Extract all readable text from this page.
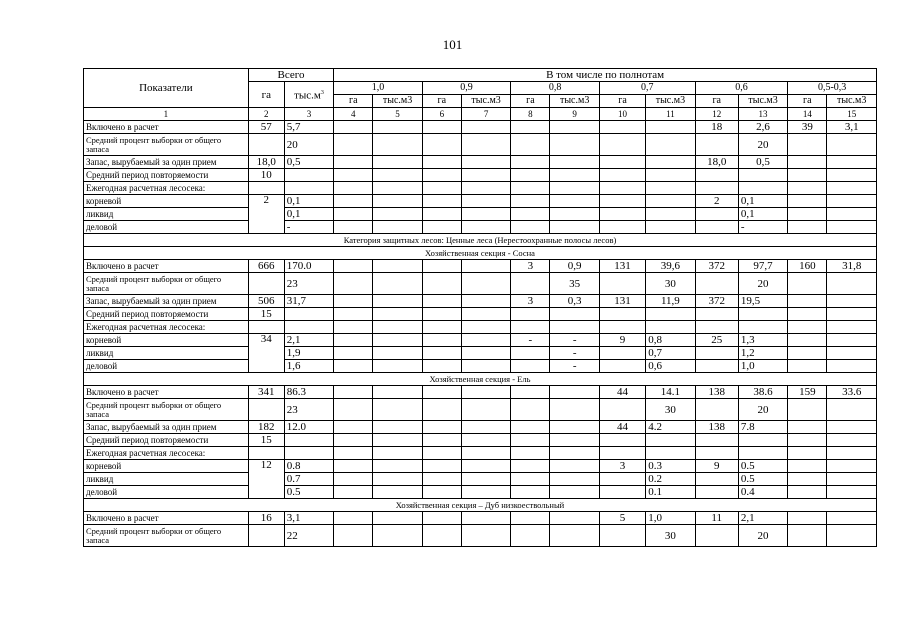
101
Показатели	Всего		В том числе по полнотам											
	га	$тыс.м^3$	1,0		0,9		0,8		0,7		0,6		0,5-0,3	
			га	тыс.м3	га	тыс.м3	га	тыс.м3	га	тыс.м3	га	тыс.м3	га	тыс.м3
1	2	3	4	5	6	7	8	9	10	11	12	13	14	15
Включено в расчет	57	5,7									18	2,6	39	3,1
Средний процент выборки от общего запаса		20										20		
Запас, вырубаемый за один прием	18,0	0,5									18,0	0,5		
Средний период повторяемости	10													
Ежегодная расчетная лесосека:														
корневой	2	0,1									2	0,1		
ликвид		0,1										0,1		
деловой		-										-		
Категория защитных лесов: Ценные леса (Нерестоохранные полосы лесов)														
Хозяйственная секция - Сосна														
Включено в расчет	666	170.0					3	0,9	131	39,6	372	97,7	160	31,8
Средний процент выборки от общего запаса		23						35		30		20		
Запас, вырубаемый за один прием	506	31,7					3	0,3	131	11,9	372	19,5		
Средний период повторяемости	15													
Ежегодная расчетная лесосека:														
корневой	34	2,1					-	-	9	0,8	25	1,3		
ликвид		1,9						-		0,7		1,2		
деловой		1,6						-		0,6		1,0		
Хозяйственная секция - Ель														
Включено в расчет	341	86.3							44	14.1	138	38.6	159	33.6
Средний процент выборки от общего запаса		23								30		20		
Запас, вырубаемый за один прием	182	12.0							44	4.2	138	7.8		
Средний период повторяемости	15													
Ежегодная расчетная лесосека:														
корневой	12	0.8							3	0.3	9	0.5		
ликвид		0.7								0.2		0.5		
деловой		0.5								0.1		0.4		
Хозяйственная секция – Дуб низкоествольный														
Включено в расчет	16	3,1							5	1,0	11	2,1		
Средний процент выборки от общего запаса		22								30		20		
